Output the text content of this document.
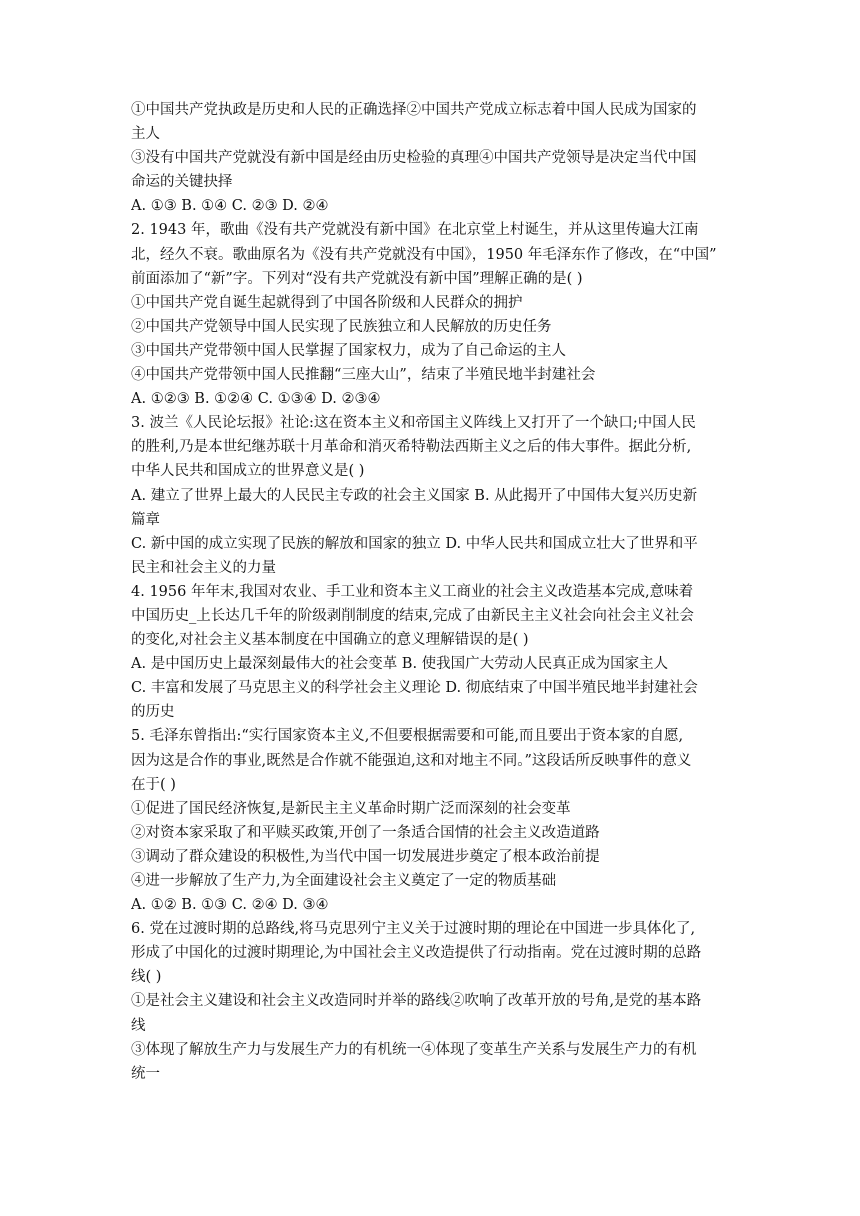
①中国共产党执政是历史和人民的正确选择②中国共产党成立标志着中国人民成为国家的
主人
③没有中国共产党就没有新中国是经由历史检验的真理④中国共产党领导是决定当代中国
命运的关键抉择
A. ①③ B. ①④ C. ②③ D. ②④
2. 1943 年，歌曲《没有共产党就没有新中国》在北京堂上村诞生，并从这里传遍大江南
北，经久不衰。歌曲原名为《没有共产党就没有中国》，1950 年毛泽东作了修改，在“中国”
前面添加了“新”字。下列对“没有共产党就没有新中国”理解正确的是( )
①中国共产党自诞生起就得到了中国各阶级和人民群众的拥护
②中国共产党领导中国人民实现了民族独立和人民解放的历史任务
③中国共产党带领中国人民掌握了国家权力，成为了自己命运的主人
④中国共产党带领中国人民推翻“三座大山”，结束了半殖民地半封建社会
A. ①②③ B. ①②④ C. ①③④ D. ②③④
3. 波兰《人民论坛报》社论:这在资本主义和帝国主义阵线上又打开了一个缺口;中国人民
的胜利,乃是本世纪继苏联十月革命和消灭希特勒法西斯主义之后的伟大事件。据此分析,
中华人民共和国成立的世界意义是( )
A. 建立了世界上最大的人民民主专政的社会主义国家 B. 从此揭开了中国伟大复兴历史新
篇章
C. 新中国的成立实现了民族的解放和国家的独立 D. 中华人民共和国成立壮大了世界和平
民主和社会主义的力量
4. 1956 年年末,我国对农业、手工业和资本主义工商业的社会主义改造基本完成,意味着
中国历史_上长达几千年的阶级剥削制度的结束,完成了由新民主主义社会向社会主义社会
的变化,对社会主义基本制度在中国确立的意义理解错误的是( )
A. 是中国历史上最深刻最伟大的社会变革 B. 使我国广大劳动人民真正成为国家主人
C. 丰富和发展了马克思主义的科学社会主义理论 D. 彻底结束了中国半殖民地半封建社会
的历史
5. 毛泽东曾指出:“实行国家资本主义,不但要根据需要和可能,而且要出于资本家的自愿,
因为这是合作的事业,既然是合作就不能强迫,这和对地主不同。”这段话所反映事件的意义
在于( )
①促进了国民经济恢复,是新民主主义革命时期广泛而深刻的社会变革
②对资本家采取了和平赎买政策,开创了一条适合国情的社会主义改造道路
③调动了群众建设的积极性,为当代中国一切发展进步奠定了根本政治前提
④进一步解放了生产力,为全面建设社会主义奠定了一定的物质基础
A. ①② B. ①③ C. ②④ D. ③④
6. 党在过渡时期的总路线,将马克思列宁主义关于过渡时期的理论在中国进一步具体化了,
形成了中国化的过渡时期理论,为中国社会主义改造提供了行动指南。党在过渡时期的总路
线( )
①是社会主义建设和社会主义改造同时并举的路线②吹响了改革开放的号角,是党的基本路
线
③体现了解放生产力与发展生产力的有机统一④体现了变革生产关系与发展生产力的有机
统一
